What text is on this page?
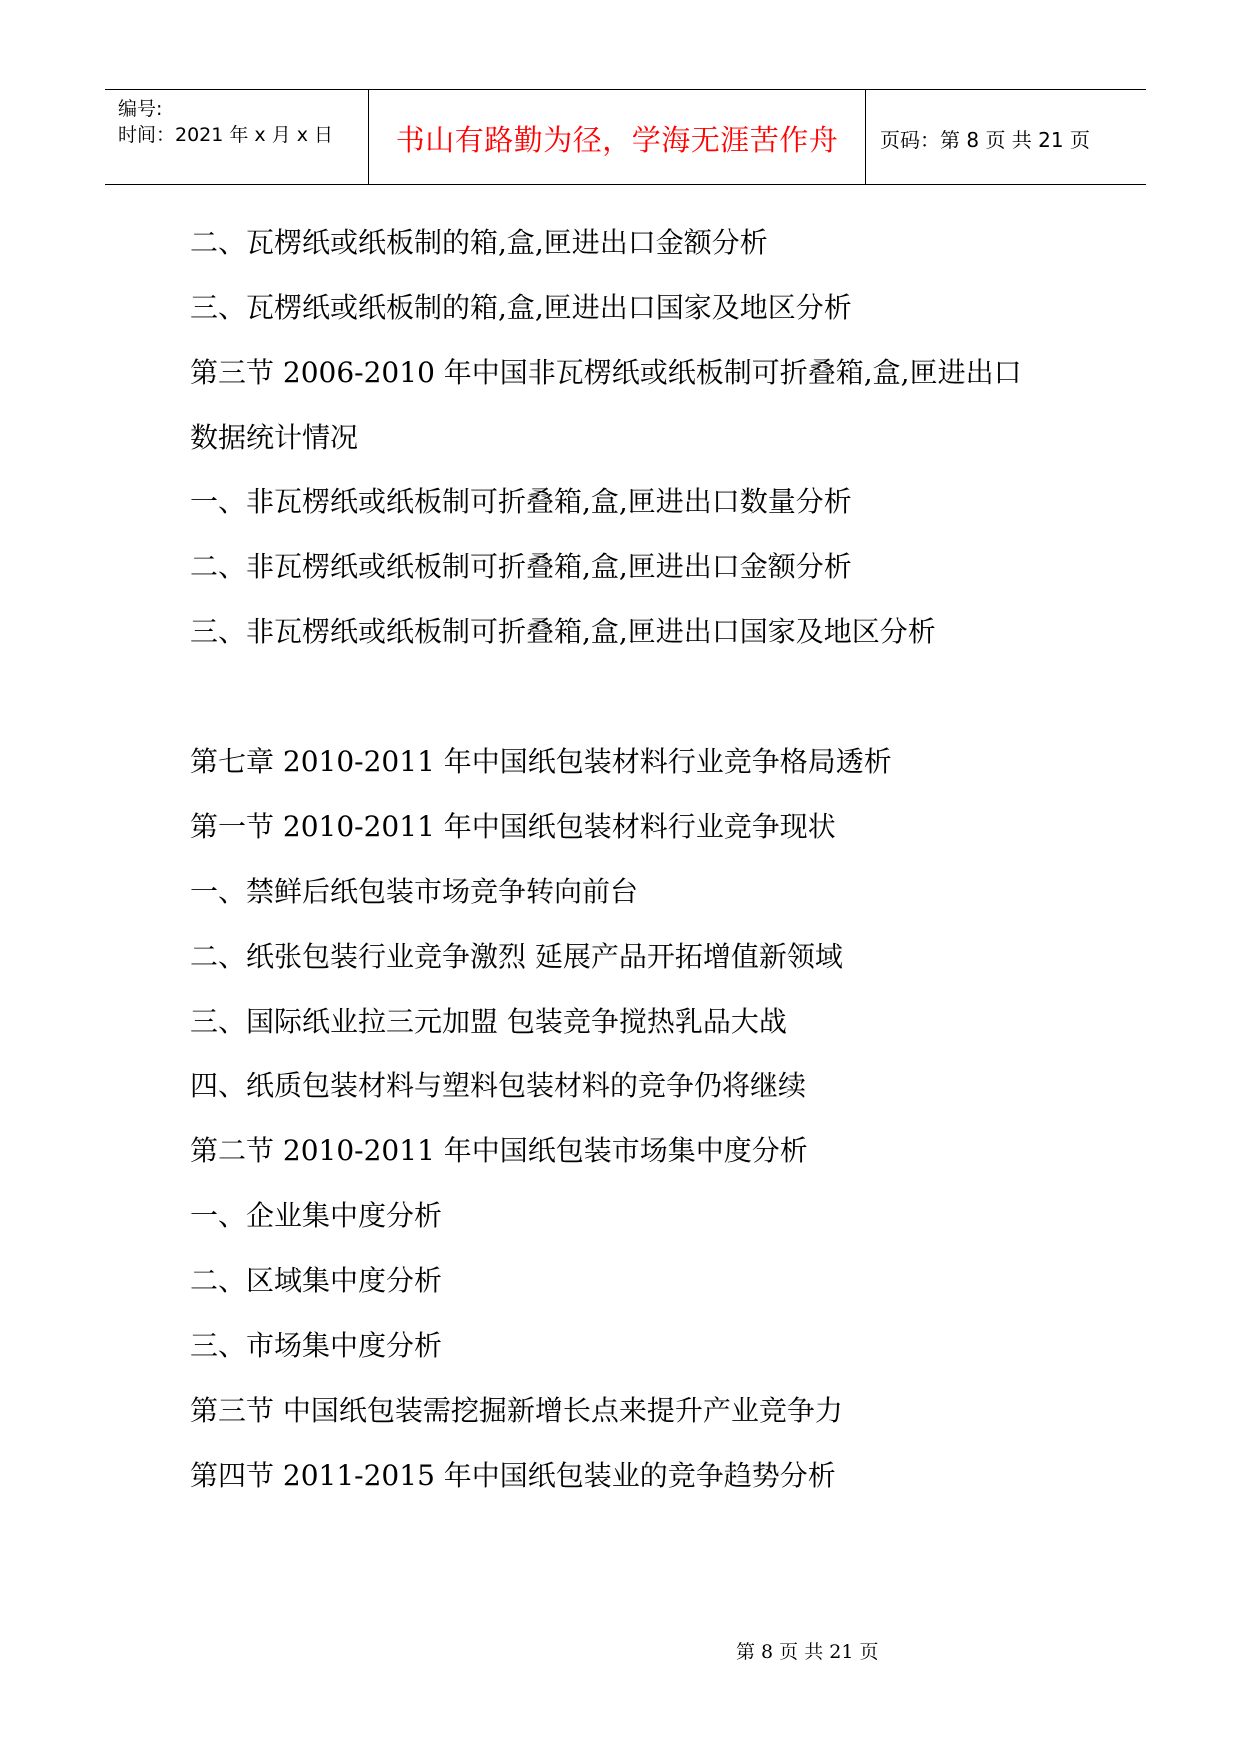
编号:
时间：2021 年 x 月 x 日	书山有路勤为径，学海无涯苦作舟	页码：第 8 页 共 21 页
二、瓦楞纸或纸板制的箱,盒,匣进出口金额分析
三、瓦楞纸或纸板制的箱,盒,匣进出口国家及地区分析
第三节 2006-2010 年中国非瓦楞纸或纸板制可折叠箱,盒,匣进出口
数据统计情况
一、非瓦楞纸或纸板制可折叠箱,盒,匣进出口数量分析
二、非瓦楞纸或纸板制可折叠箱,盒,匣进出口金额分析
三、非瓦楞纸或纸板制可折叠箱,盒,匣进出口国家及地区分析
第七章 2010-2011 年中国纸包装材料行业竞争格局透析
第一节 2010-2011 年中国纸包装材料行业竞争现状
一、禁鲜后纸包装市场竞争转向前台
二、纸张包装行业竞争激烈 延展产品开拓增值新领域
三、国际纸业拉三元加盟 包装竞争搅热乳品大战
四、纸质包装材料与塑料包装材料的竞争仍将继续
第二节 2010-2011 年中国纸包装市场集中度分析
一、企业集中度分析
二、区域集中度分析
三、市场集中度分析
第三节 中国纸包装需挖掘新增长点来提升产业竞争力
第四节 2011-2015 年中国纸包装业的竞争趋势分析
第 8 页 共 21 页
